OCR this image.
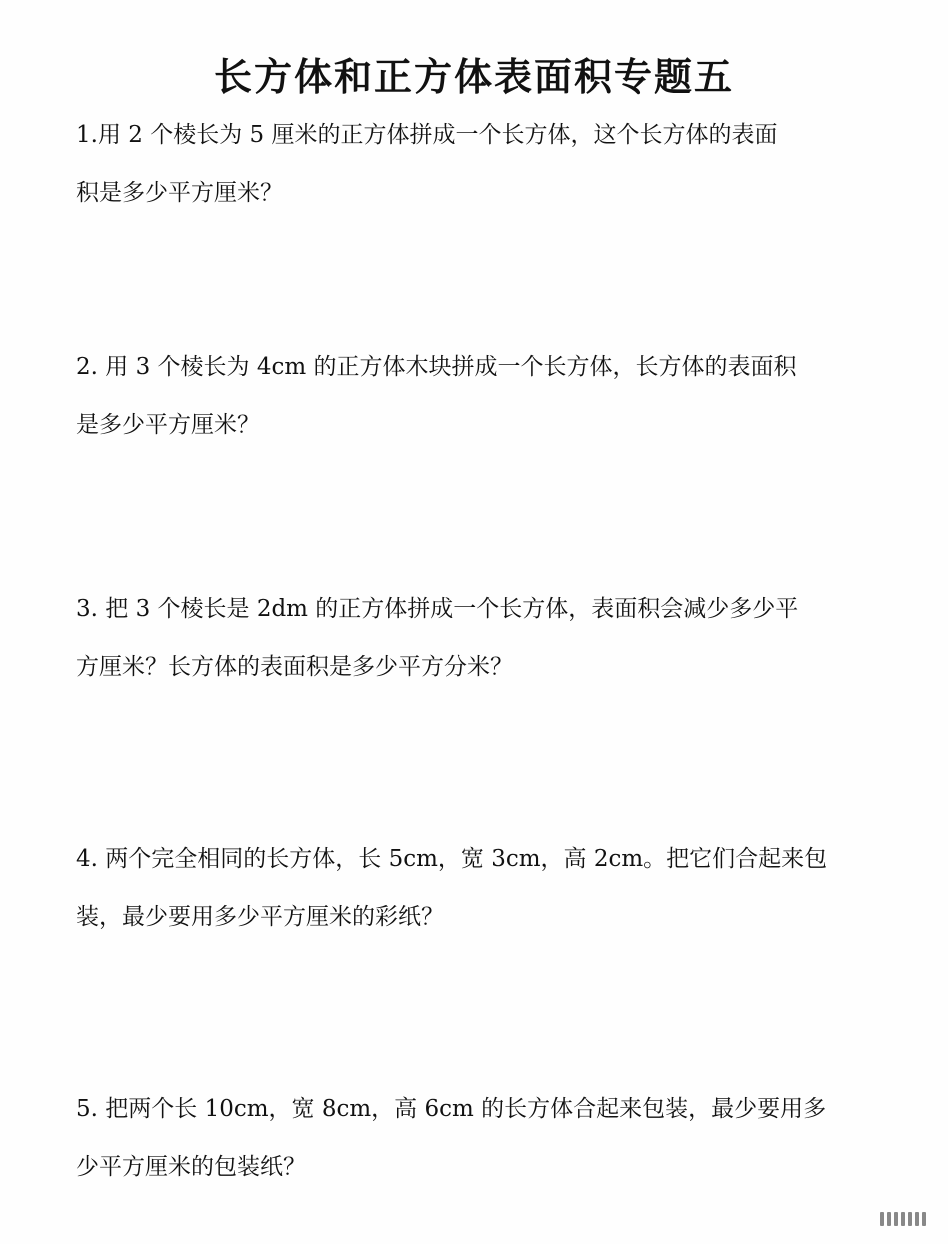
长方体和正方体表面积专题五

1.用 2 个棱长为 5 厘米的正方体拼成一个长方体，这个长方体的表面
积是多少平方厘米？

2. 用 3 个棱长为 4cm 的正方体木块拼成一个长方体，长方体的表面积
是多少平方厘米？

3. 把 3 个棱长是 2dm 的正方体拼成一个长方体，表面积会减少多少平
方厘米？长方体的表面积是多少平方分米？

4. 两个完全相同的长方体，长 5cm，宽 3cm，高 2cm。把它们合起来包
装，最少要用多少平方厘米的彩纸？

5. 把两个长 10cm，宽 8cm，高 6cm 的长方体合起来包装，最少要用多
少平方厘米的包装纸？
